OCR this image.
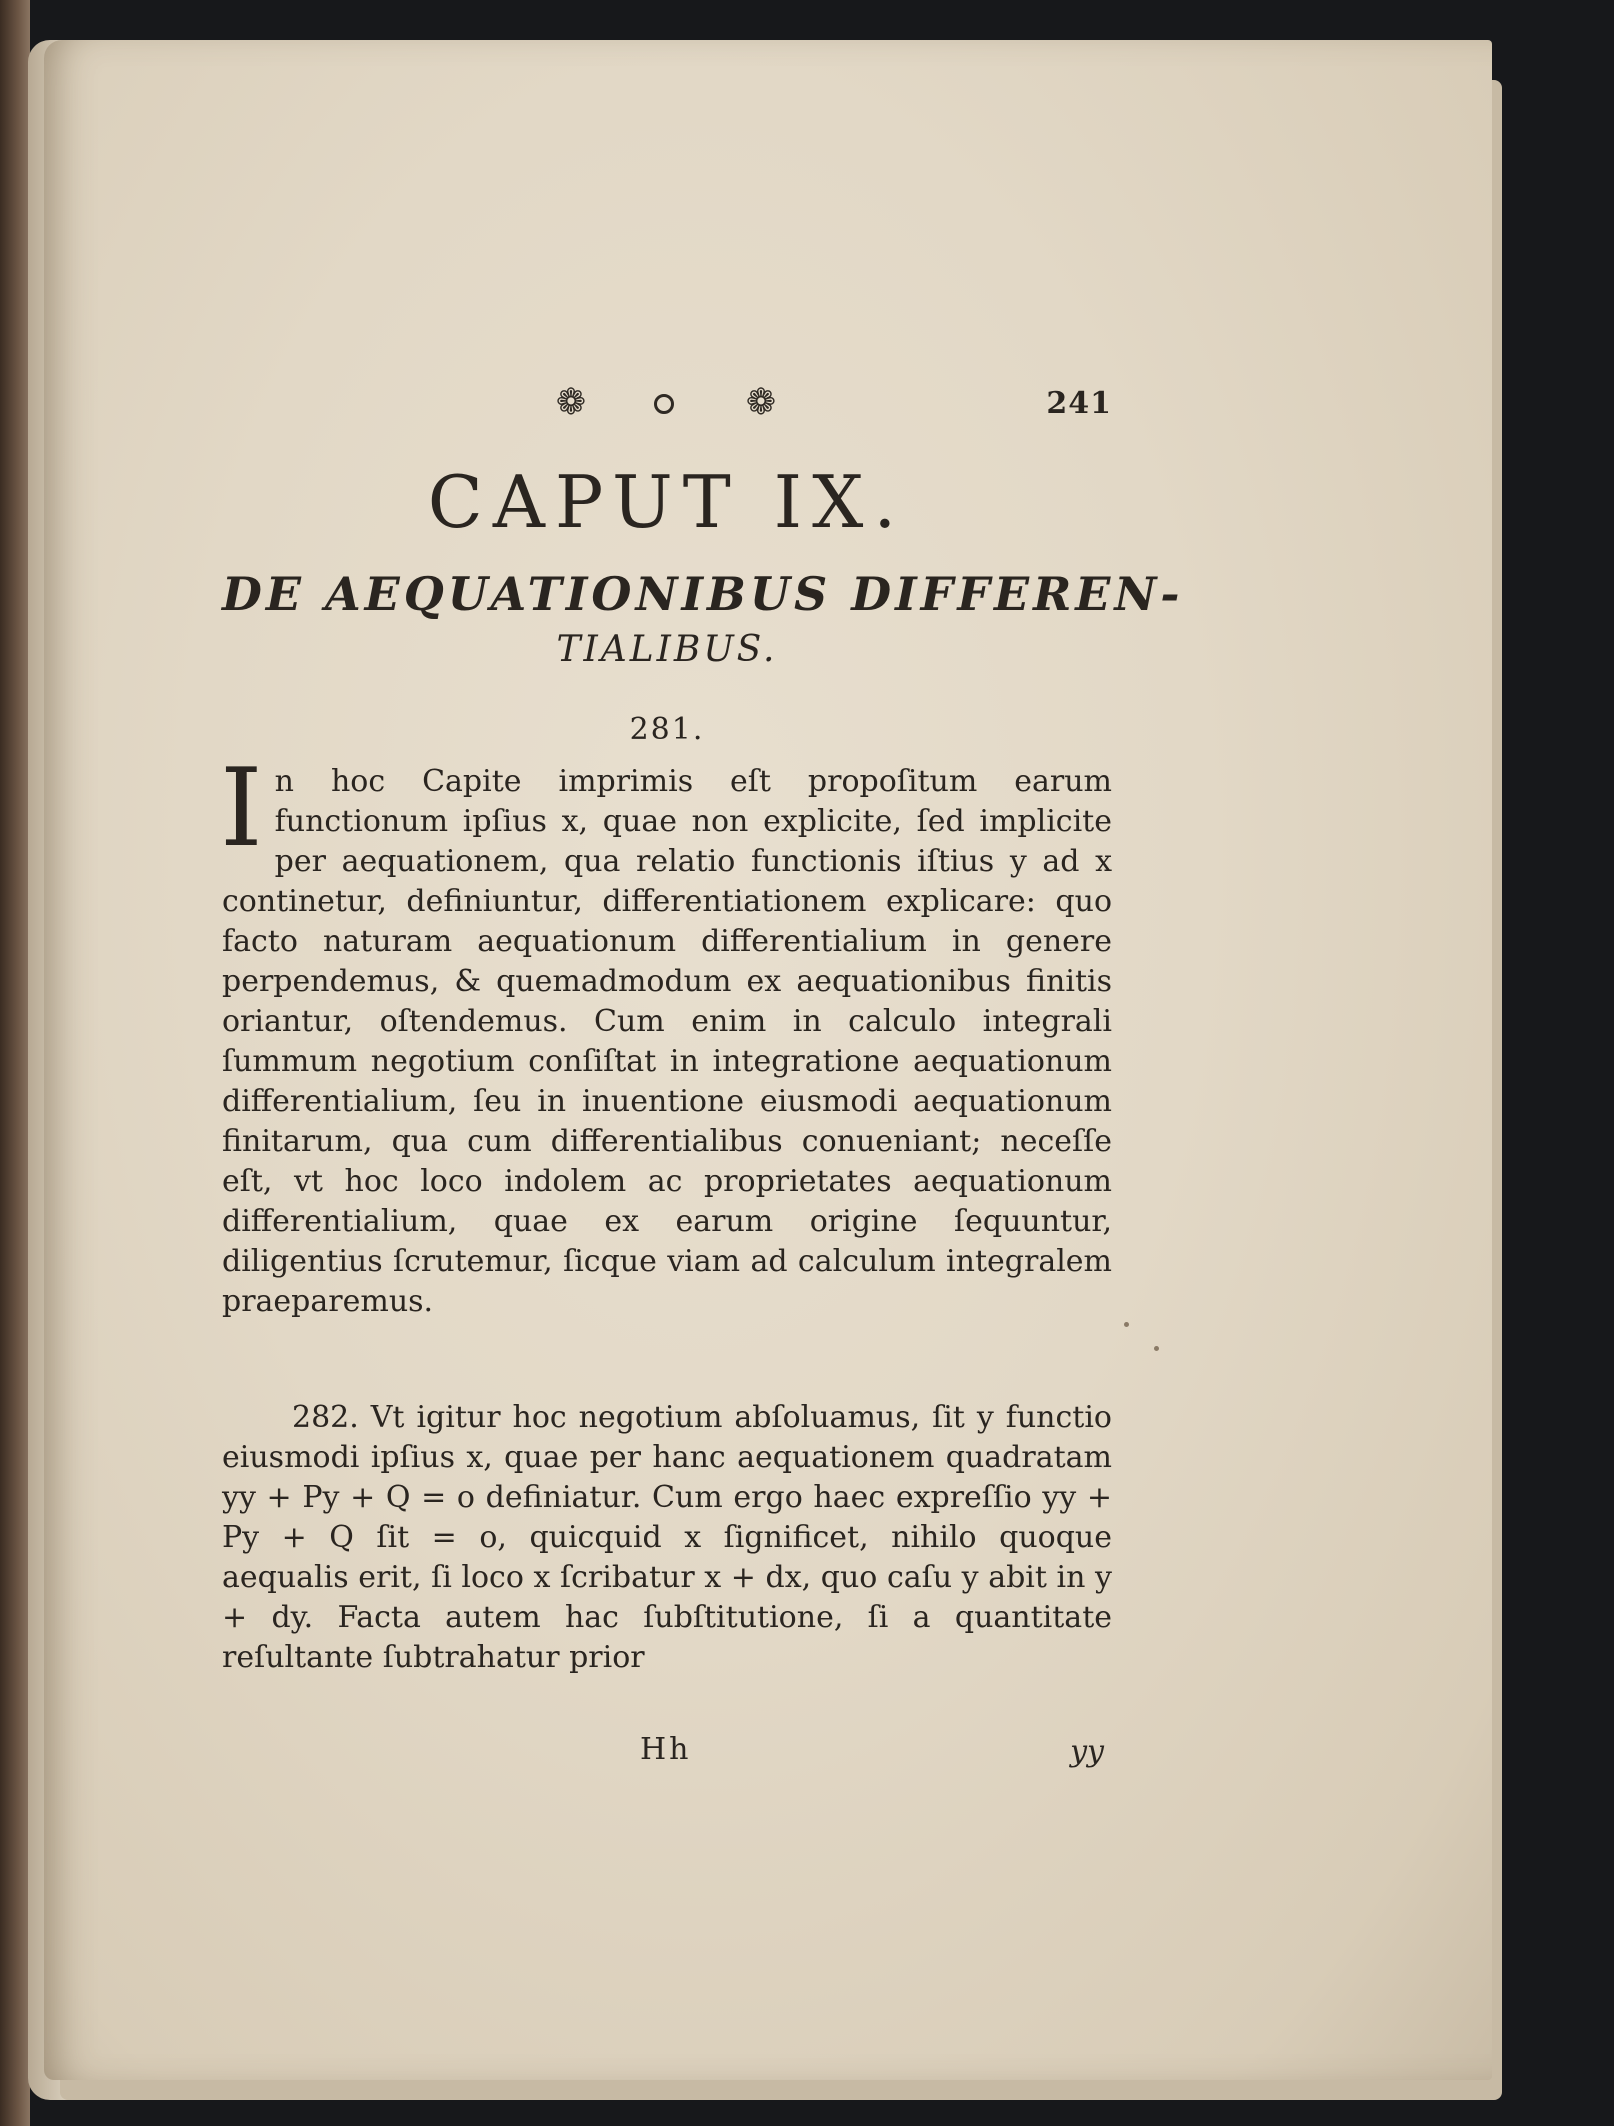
❁	❁	241
CAPUT IX.
DE AEQUATIONIBUS DIFFEREN-
TIALIBUS.
281.
In hoc Capite imprimis eſt propoſitum earum functionum ipſius x, quae non explicite, ſed implicite per aequationem, qua relatio functionis iſtius y ad x continetur, definiuntur, differentiationem explicare: quo facto naturam aequationum differentialium in genere perpendemus, & quemadmodum ex aequationibus finitis oriantur, oſtendemus. Cum enim in calculo integrali ſummum negotium conſiſtat in integratione aequationum differentialium, ſeu in inuentione eiusmodi aequationum finitarum, qua cum differentialibus conueniant; neceſſe eſt, vt hoc loco indolem ac proprietates aequationum differentialium, quae ex earum origine ſequuntur, diligentius ſcrutemur, ſicque viam ad calculum integralem praeparemus.
282. Vt igitur hoc negotium abſoluamus, ſit y functio eiusmodi ipſius x, quae per hanc aequationem quadratam yy + Py + Q = o definiatur. Cum ergo haec expreſſio yy + Py + Q ſit = o, quicquid x ſignificet, nihilo quoque aequalis erit, ſi loco x ſcribatur x + dx, quo caſu y abit in y + dy. Facta autem hac ſubſtitutione, ſi a quantitate reſultante ſubtrahatur prior
Hh	yy
